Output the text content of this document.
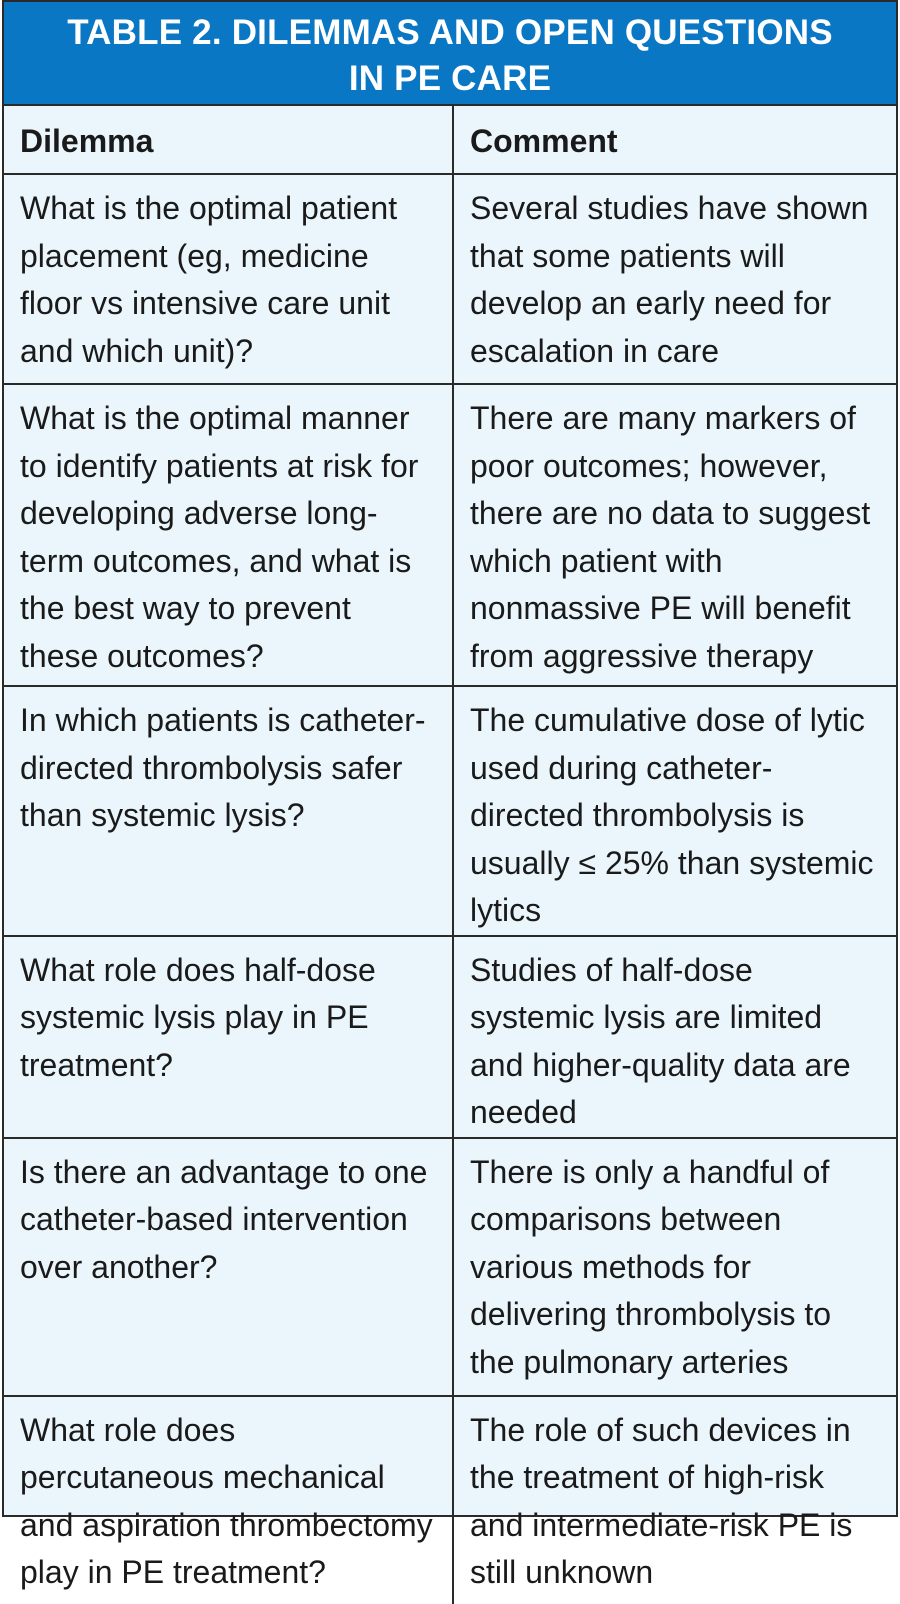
TABLE 2. DILEMMAS AND OPEN QUESTIONS
IN PE CARE
Dilemma	Comment
What is the optimal patient placement (eg, medicine floor vs intensive care unit and which unit)?	Several studies have shown that some patients will develop an early need for escalation in care
What is the optimal manner to identify patients at risk for developing adverse long-term outcomes, and what is the best way to prevent these outcomes?	There are many markers of poor outcomes; however, there are no data to suggest which patient with nonmassive PE will benefit from aggressive therapy
In which patients is catheter-directed thrombolysis safer than systemic lysis?	The cumulative dose of lytic used during catheter-directed thrombolysis is usually ≤ 25% than systemic lytics
What role does half-dose systemic lysis play in PE treatment?	Studies of half-dose systemic lysis are limited and higher-quality data are needed
Is there an advantage to one catheter-based intervention over another?	There is only a handful of comparisons between various methods for delivering thrombolysis to the pulmonary arteries
What role does percutaneous mechanical and aspiration thrombectomy play in PE treatment?	The role of such devices in the treatment of high-risk and intermediate-risk PE is still unknown
